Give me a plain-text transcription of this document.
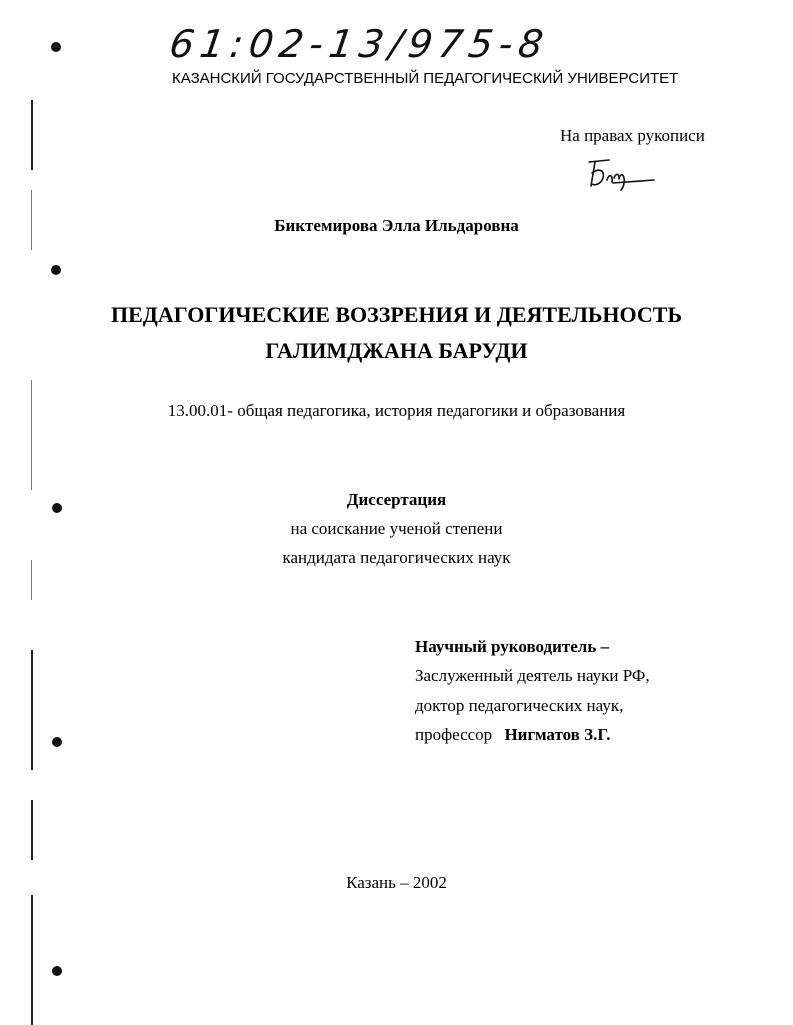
61:02-13/975-8
КАЗАНСКИЙ ГОСУДАРСТВЕННЫЙ ПЕДАГОГИЧЕСКИЙ УНИВЕРСИТЕТ
На правах рукописи
Биктемирова Элла Ильдаровна
ПЕДАГОГИЧЕСКИЕ ВОЗЗРЕНИЯ И ДЕЯТЕЛЬНОСТЬ
ГАЛИМДЖАНА БАРУДИ
13.00.01- общая педагогика, история педагогики и образования
Диссертация
на соискание ученой степени
кандидата педагогических наук
Научный руководитель –
Заслуженный деятель науки РФ,
доктор педагогических наук,
профессор Нигматов З.Г.
Казань – 2002
